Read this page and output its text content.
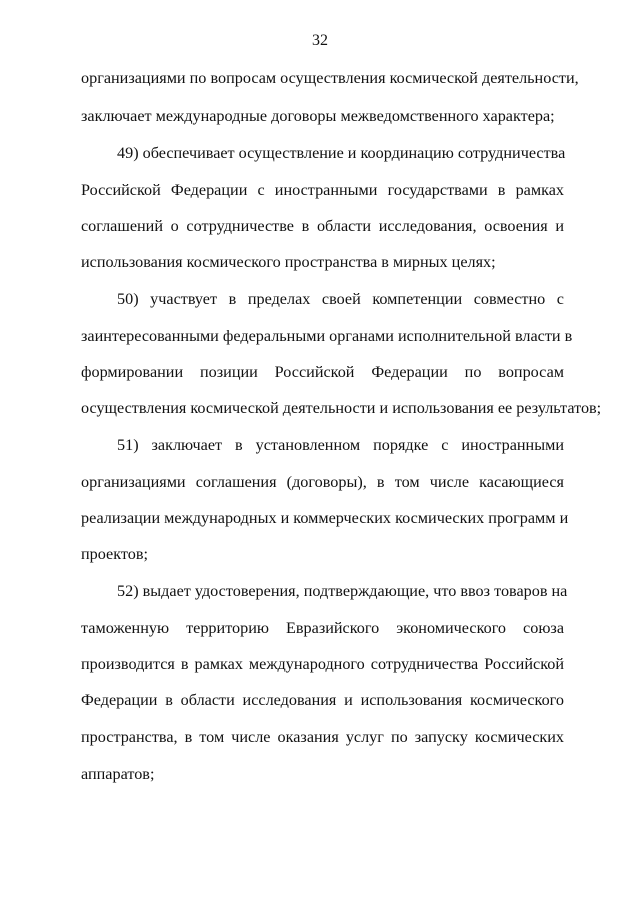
32
организациями по вопросам осуществления космической деятельности,
заключает международные договоры межведомственного характера;
49) обеспечивает осуществление и координацию сотрудничества
Российской Федерации с иностранными государствами в рамках
соглашений о сотрудничестве в области исследования, освоения и
использования космического пространства в мирных целях;
50) участвует в пределах своей компетенции совместно с
заинтересованными федеральными органами исполнительной власти в
формировании позиции Российской Федерации по вопросам
осуществления космической деятельности и использования ее результатов;
51) заключает в установленном порядке с иностранными
организациями соглашения (договоры), в том числе касающиеся
реализации международных и коммерческих космических программ и
проектов;
52) выдает удостоверения, подтверждающие, что ввоз товаров на
таможенную территорию Евразийского экономического союза
производится в рамках международного сотрудничества Российской
Федерации в области исследования и использования космического
пространства, в том числе оказания услуг по запуску космических
аппаратов;
